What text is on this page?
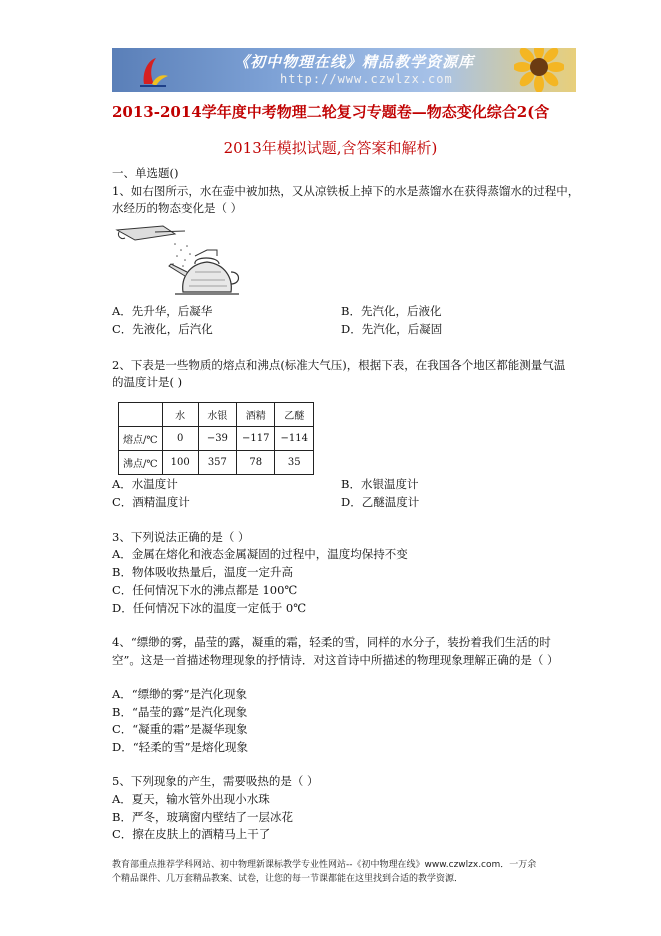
《初中物理在线》精品教学资源库
http://www.czwlzx.com
2013-2014学年度中考物理二轮复习专题卷—物态变化综合2(含
2013年模拟试题,含答案和解析)
一、单选题()
1、如右图所示，水在壶中被加热，又从凉铁板上掉下的水是蒸馏水在获得蒸馏水的过程中，
水经历的物态变化是（ ）
A．先升华，后凝华	B．先汽化，后液化
C．先液化，后汽化	D．先汽化，后凝固
2、下表是一些物质的熔点和沸点(标准大气压)，根据下表，在我国各个地区都能测量气温
的温度计是( )
	水	水银	酒精	乙醚
熔点/℃	0	−39	−117	−114
沸点/℃	100	357	78	35
A．水温度计	B．水银温度计
C．酒精温度计	D．乙醚温度计
3、下列说法正确的是（ ）
A．金属在熔化和液态金属凝固的过程中，温度均保持不变
B．物体吸收热量后，温度一定升高
C．任何情况下水的沸点都是 100℃
D．任何情况下冰的温度一定低于 0℃
4、“缥缈的雾，晶莹的露，凝重的霜，轻柔的雪，同样的水分子，装扮着我们生活的时
空”。这是一首描述物理现象的抒情诗．对这首诗中所描述的物理现象理解正确的是（ ）
A．“缥缈的雾”是汽化现象
B．“晶莹的露”是汽化现象
C．“凝重的霜”是凝华现象
D．“轻柔的雪”是熔化现象
5、下列现象的产生，需要吸热的是（ ）
A．夏天，输水管外出现小水珠
B．严冬，玻璃窗内壁结了一层冰花
C．擦在皮肤上的酒精马上干了
教育部重点推荐学科网站、初中物理新课标教学专业性网站--《初中物理在线》www.czwlzx.com．一万余
个精品课件、几万套精品教案、试卷，让您的每一节课都能在这里找到合适的教学资源．
